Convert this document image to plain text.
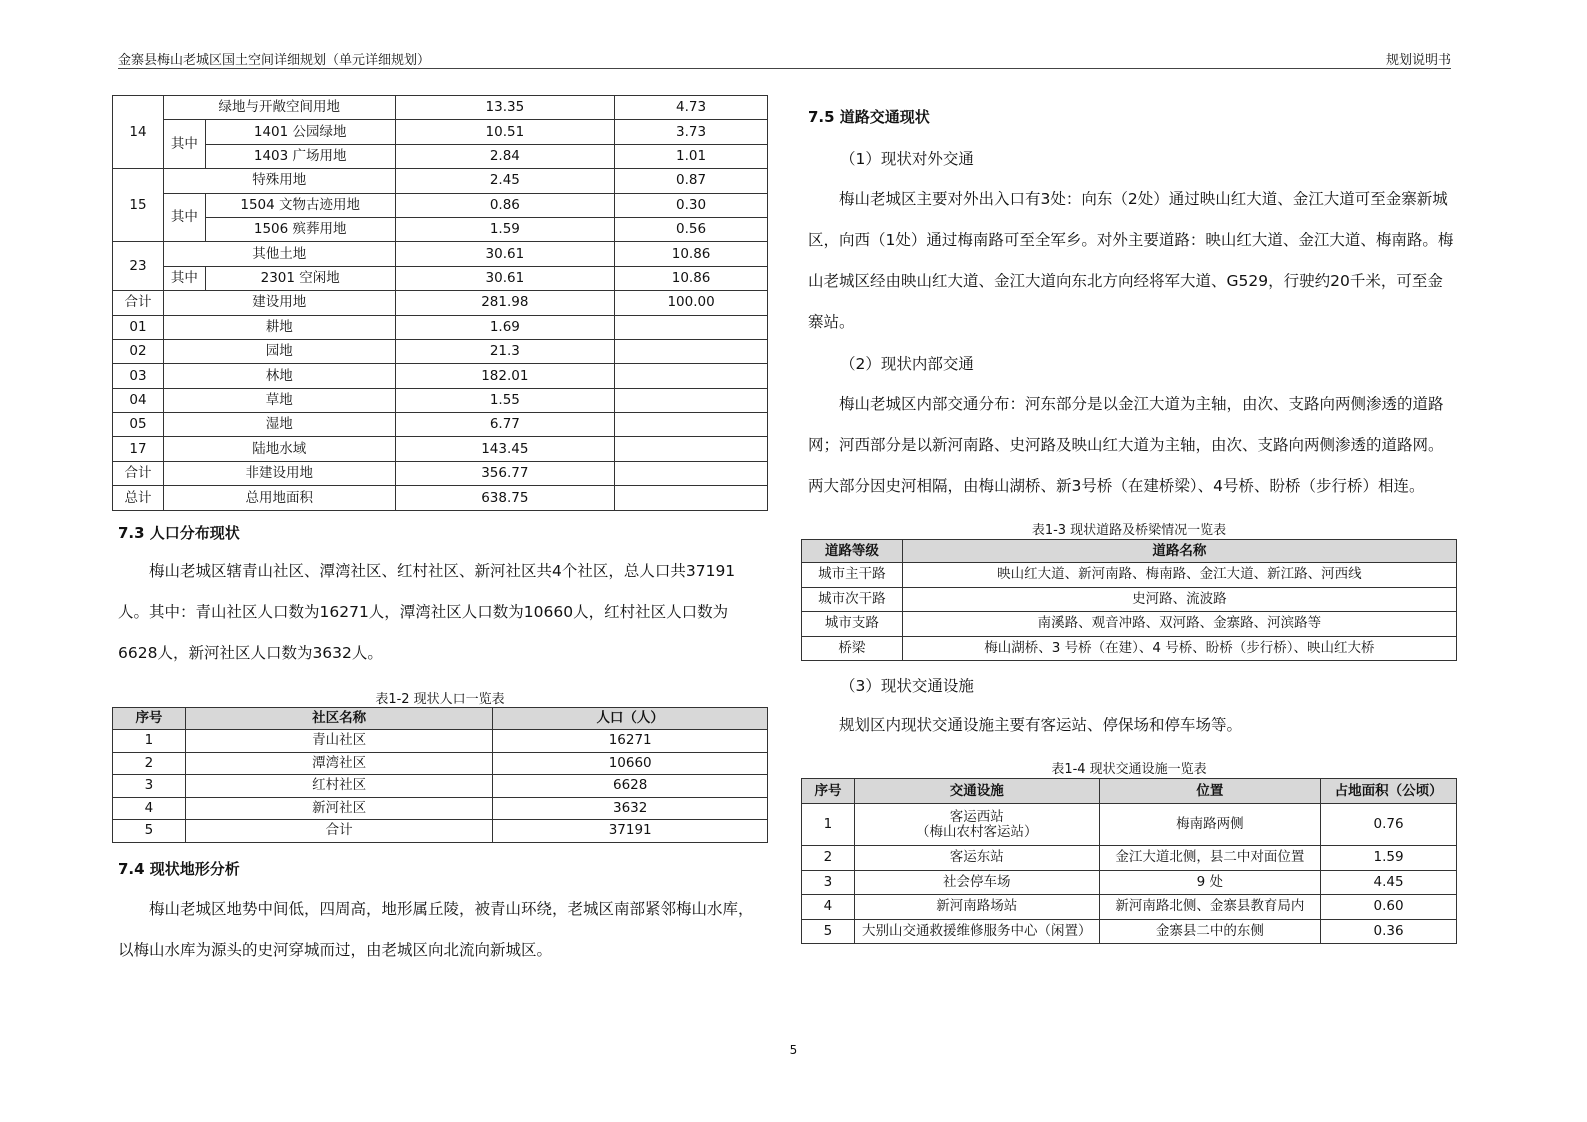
金寨县梅山老城区国土空间详细规划（单元详细规划）	规划说明书
14	绿地与开敞空间用地		13.35	4.73
	其中	1401 公园绿地	10.51	3.73
		1403 广场用地	2.84	1.01
15	特殊用地		2.45	0.87
	其中	1504 文物古迹用地	0.86	0.30
		1506 殡葬用地	1.59	0.56
23	其他土地		30.61	10.86
	其中	2301 空闲地	30.61	10.86
合计	建设用地		281.98	100.00
01	耕地		1.69	
02	园地		21.3	
03	林地		182.01	
04	草地		1.55	
05	湿地		6.77	
17	陆地水域		143.45	
合计	非建设用地		356.77	
总计	总用地面积		638.75	
7.3 人口分布现状
梅山老城区辖青山社区、潭湾社区、红村社区、新河社区共4个社区，总人口共37191人。其中：青山社区人口数为16271人，潭湾社区人口数为10660人，红村社区人口数为6628人，新河社区人口数为3632人。
表1-2 现状人口一览表
序号	社区名称	人口（人）
1	青山社区	16271
2	潭湾社区	10660
3	红村社区	6628
4	新河社区	3632
5	合计	37191
7.4 现状地形分析
梅山老城区地势中间低，四周高，地形属丘陵，被青山环绕，老城区南部紧邻梅山水库，以梅山水库为源头的史河穿城而过，由老城区向北流向新城区。
7.5 道路交通现状
（1）现状对外交通
梅山老城区主要对外出入口有3处：向东（2处）通过映山红大道、金江大道可至金寨新城区，向西（1处）通过梅南路可至全军乡。对外主要道路：映山红大道、金江大道、梅南路。梅山老城区经由映山红大道、金江大道向东北方向经将军大道、G529，行驶约20千米，可至金寨站。
（2）现状内部交通
梅山老城区内部交通分布：河东部分是以金江大道为主轴，由次、支路向两侧渗透的道路网；河西部分是以新河南路、史河路及映山红大道为主轴，由次、支路向两侧渗透的道路网。两大部分因史河相隔，由梅山湖桥、新3号桥（在建桥梁）、4号桥、盼桥（步行桥）相连。
表1-3 现状道路及桥梁情况一览表
道路等级	道路名称
城市主干路	映山红大道、新河南路、梅南路、金江大道、新江路、河西线
城市次干路	史河路、流波路
城市支路	南溪路、观音冲路、双河路、金寨路、河滨路等
桥梁	梅山湖桥、3 号桥（在建）、4 号桥、盼桥（步行桥）、映山红大桥
（3）现状交通设施
规划区内现状交通设施主要有客运站、停保场和停车场等。
表1-4 现状交通设施一览表
序号	交通设施	位置	占地面积（公顷）
1	客运西站
（梅山农村客运站）	梅南路两侧	0.76
2	客运东站	金江大道北侧，县二中对面位置	1.59
3	社会停车场	9 处	4.45
4	新河南路场站	新河南路北侧、金寨县教育局内	0.60
5	大别山交通救援维修服务中心（闲置）	金寨县二中的东侧	0.36
5
